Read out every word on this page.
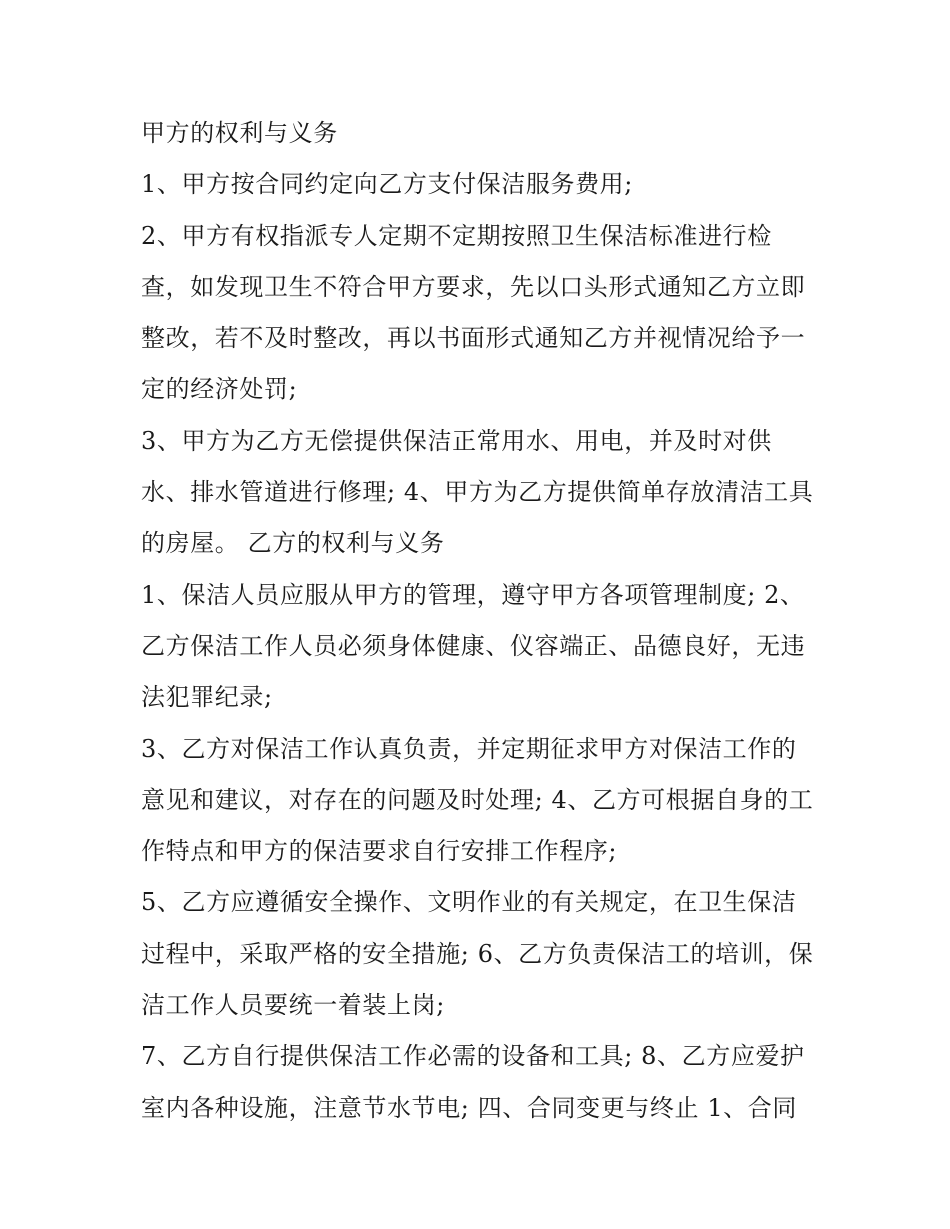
甲方的权利与义务
1、甲方按合同约定向乙方支付保洁服务费用;
2、甲方有权指派专人定期不定期按照卫生保洁标准进行检
查，如发现卫生不符合甲方要求，先以口头形式通知乙方立即
整改，若不及时整改，再以书面形式通知乙方并视情况给予一
定的经济处罚;
3、甲方为乙方无偿提供保洁正常用水、用电，并及时对供
水、排水管道进行修理; 4、甲方为乙方提供简单存放清洁工具
的房屋。 乙方的权利与义务
1、保洁人员应服从甲方的管理，遵守甲方各项管理制度; 2、
乙方保洁工作人员必须身体健康、仪容端正、品德良好，无违
法犯罪纪录;
3、乙方对保洁工作认真负责，并定期征求甲方对保洁工作的
意见和建议，对存在的问题及时处理; 4、乙方可根据自身的工
作特点和甲方的保洁要求自行安排工作程序;
5、乙方应遵循安全操作、文明作业的有关规定，在卫生保洁
过程中，采取严格的安全措施; 6、乙方负责保洁工的培训，保
洁工作人员要统一着装上岗;
7、乙方自行提供保洁工作必需的设备和工具; 8、乙方应爱护
室内各种设施，注意节水节电; 四、合同变更与终止 1、合同
